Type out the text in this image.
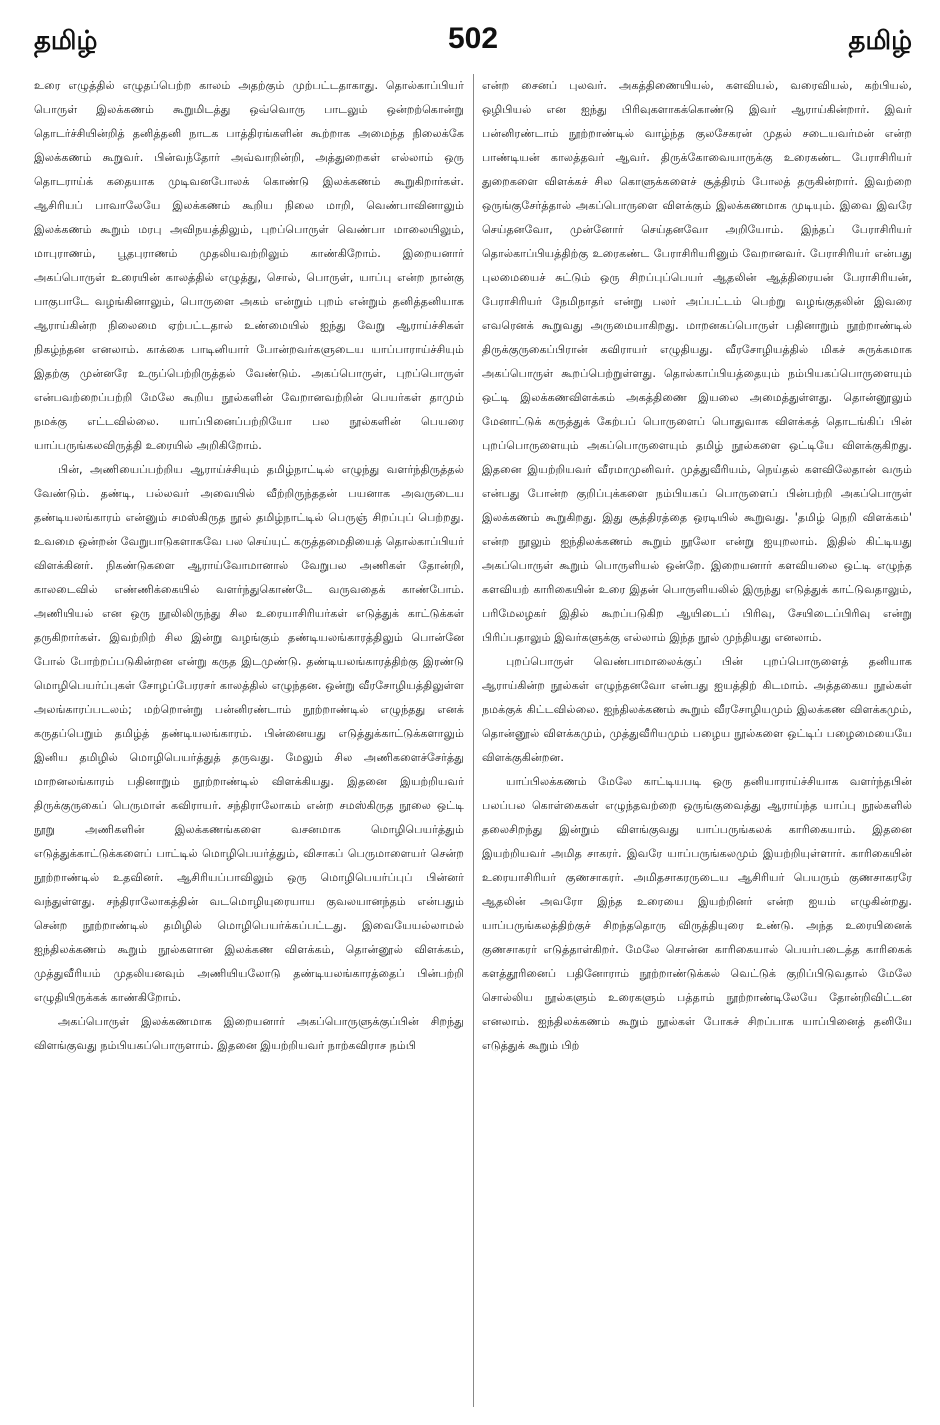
தமிழ்	502	தமிழ்

உரை எழுத்தில் எழுதப்பெற்ற காலம் அதற்கும் முற்பட்டதாகாது. தொல்காப்பியர் பொருள் இலக்கணம் கூறுமிடத்து ஒவ்வொரு பாடலும் ஒன்றற்கொன்று தொடர்ச்சியின்றித் தனித்தனி நாடக பாத்திரங்களின் கூற்றாக அமைந்த நிலைக்கே இலக்கணம் கூறுவர். பின்வந்தோர் அவ்வாறின்றி, அத்துறைகள் எல்லாம் ஒரு தொடராய்க் கதையாக முடிவனபோலக் கொண்டு இலக்கணம் கூறுகிறார்கள். ஆசிரியப் பாவாலேயே இலக்கணம் கூறிய நிலை மாறி, வெண்பாவினாலும் இலக்கணம் கூறும் மரபு அவிநயத்திலும், புறப்பொருள் வெண்பா மாலையிலும், மாபுராணம், பூதபுராணம் முதலியவற்றிலும் காண்கிறோம். இறையனார் அகப்பொருள் உரையின் காலத்தில் எழுத்து, சொல், பொருள், யாப்பு என்ற நான்கு பாகுபாடே வழங்கினாலும், பொருளை அகம் என்றும் புறம் என்றும் தனித்தனியாக ஆராய்கின்ற நிலைமை ஏற்பட்டதால் உண்மையில் ஐந்து வேறு ஆராய்ச்சிகள் நிகழ்ந்தன எனலாம். காக்கை பாடினியார் போன்றவர்களுடைய யாப்பாராய்ச்சியும் இதற்கு முன்னரே உருப்பெற்றிருத்தல் வேண்டும். அகப்பொருள், புறப்பொருள் என்பவற்றைப்பற்றி மேலே கூறிய நூல்களின் வேறானவற்றின் பெயர்கள் தாமும் நமக்கு எட்டவில்லை. யாப்பினைப்பற்றியோ பல நூல்களின் பெயரை யாப்பருங்கலவிருத்தி உரையில் அறிகிறோம்.

பின், அணியைப்பற்றிய ஆராய்ச்சியும் தமிழ்நாட்டில் எழுந்து வளர்ந்திருத்தல் வேண்டும். தண்டி, பல்லவர் அவையில் வீற்றிருந்ததன் பயனாக அவருடைய தண்டியலங்காரம் என்னும் சமஸ்கிருத நூல் தமிழ்நாட்டில் பெருஞ் சிறப்புப் பெற்றது. உவமை ஒன்றன் வேறுபாடுகளாகவே பல செய்யுட் கருத்தமைதியைத் தொல்காப்பியர் விளக்கினர். நிகண்டுகளை ஆராய்வோமானால் வேறுபல அணிகள் தோன்றி, காலடைவில் எண்ணிக்கையில் வளர்ந்துகொண்டே வருவதைக் காண்போம். அணியியல் என ஒரு நூலிலிருந்து சில உரையாசிரியர்கள் எடுத்துக் காட்டுக்கள் தருகிறார்கள். இவற்றிற் சில இன்று வழங்கும் தண்டியலங்காரத்திலும் பொன்னே போல் போற்றப்படுகின்றன என்று கருத இடமுண்டு. தண்டியலங்காரத்திற்கு இரண்டு மொழிபெயர்ப்புகள் சோழப்பேரரசர் காலத்தில் எழுந்தன. ஒன்று வீரசோழியத்திலுள்ள அலங்காரப்படலம்; மற்றொன்று பன்னிரண்டாம் நூற்றாண்டில் எழுந்தது எனக் கருதப்பெறும் தமிழ்த் தண்டியலங்காரம். பின்னையது எடுத்துக்காட்டுக்களாலும் இனிய தமிழில் மொழிபெயர்த்துத் தருவது. மேலும் சில அணிகளைச்சேர்த்து மாறனலங்காரம் பதினாறும் நூற்றாண்டில் விளக்கியது. இதனை இயற்றியவர் திருக்குருகைப் பெருமாள் கவிராயர். சந்திராலோகம் என்ற சமஸ்கிருத நூலை ஒட்டி நூறு அணிகளின் இலக்கணங்களை வசனமாக மொழிபெயர்த்தும் எடுத்துக்காட்டுக்களைப் பாட்டில் மொழிபெயர்த்தும், விசாகப் பெருமாளையர் சென்ற நூற்றாண்டில் உதவினர். ஆசிரியப்பாவிலும் ஒரு மொழிபெயர்ப்புப் பின்னர் வந்துள்ளது. சந்திராலோகத்தின் வடமொழியுரையாய குவலயானந்தம் என்பதும் சென்ற நூற்றாண்டில் தமிழில் மொழிபெயர்க்கப்பட்டது. இவையேயல்லாமல் ஐந்திலக்கணம் கூறும் நூல்களான இலக்கண விளக்கம், தொன்னூல் விளக்கம், முத்துவீரியம் முதலியனவும் அணியியலோடு தண்டியலங்காரத்தைப் பின்பற்றி எழுதியிருக்கக் காண்கிறோம்.

அகப்பொருள் இலக்கணமாக இறையனார் அகப்பொருளுக்குப்பின் சிறந்து விளங்குவது நம்பியகப்பொருளாம். இதனை இயற்றியவர் நாற்கவிராச நம்பி

என்ற சைனப் புலவர். அகத்திணையியல், களவியல், வரைவியல், கற்பியல், ஒழிபியல் என ஐந்து பிரிவுகளாகக்கொண்டு இவர் ஆராய்கின்றார். இவர் பன்னிரண்டாம் நூற்றாண்டில் வாழ்ந்த குலசேகரன் முதல் சடையவர்மன் என்ற பாண்டியன் காலத்தவர் ஆவர். திருக்கோவையாருக்கு உரைகண்ட பேராசிரியர் துறைகளை விளக்கச் சில கொளுக்களைச் சூத்திரம் போலத் தருகின்றார். இவற்றை ஒருங்குசேர்த்தால் அகப்பொருளை விளக்கும் இலக்கணமாக முடியும். இவை இவரே செய்தனவோ, முன்னோர் செய்தனவோ அறியோம். இந்தப் பேராசிரியர் தொல்காப்பியத்திற்கு உரைகண்ட பேராசிரியரினும் வேறானவர். பேராசிரியர் என்பது புலமையைச் சுட்டும் ஒரு சிறப்புப்பெயர் ஆதலின் ஆத்திரையன் பேராசிரியன், பேராசிரியர் நேமிநாதர் என்று பலர் அப்பட்டம் பெற்று வழங்குதலின் இவரை எவரெனக் கூறுவது அருமையாகிறது. மாறனகப்பொருள் பதினாறும் நூற்றாண்டில் திருக்குருகைப்பிரான் கவிராயர் எழுதியது. வீரசோழியத்தில் மிகச் சுருக்கமாக அகப்பொருள் கூறப்பெற்றுள்ளது. தொல்காப்பியத்தையும் நம்பியகப்பொருளையும் ஒட்டி இலக்கணவிளக்கம் அகத்திணை இயலை அமைத்துள்ளது. தொன்னூலும் மேனாட்டுக் கருத்துக் கேற்பப் பொருளைப் பொதுவாக விளக்கத் தொடங்கிப் பின் புறப்பொருளையும் அகப்பொருளையும் தமிழ் நூல்களை ஒட்டியே விளக்குகிறது. இதனை இயற்றியவர் வீரமாமுனிவர். முத்துவீரியம், நெய்தல் களவிலேதான் வரும் என்பது போன்ற குறிப்புக்களை நம்பியகப் பொருளைப் பின்பற்றி அகப்பொருள் இலக்கணம் கூறுகிறது. இது சூத்திரத்தை ஒரடியில் கூறுவது. 'தமிழ் நெறி விளக்கம்' என்ற நூலும் ஐந்திலக்கணம் கூறும் நூலோ என்று ஐயுறலாம். இதில் கிட்டியது அகப்பொருள் கூறும் பொருளியல் ஒன்றே. இறையனார் களவியலை ஒட்டி எழுந்த களவியற் காரிகையின் உரை இதன் பொருளியலில் இருந்து எடுத்துக் காட்டுவதாலும், பரிமேலழகர் இதில் கூறப்படுகிற ஆயிடைப் பிரிவு, சேயிடைப்பிரிவு என்று பிரிப்பதாலும் இவர்களுக்கு எல்லாம் இந்த நூல் முந்தியது எனலாம்.

புறப்பொருள் வெண்பாமாலைக்குப் பின் புறப்பொருளைத் தனியாக ஆராய்கின்ற நூல்கள் எழுந்தனவோ என்பது ஐயத்திற் கிடமாம். அத்தகைய நூல்கள் நமக்குக் கிட்டவில்லை. ஐந்திலக்கணம் கூறும் வீரசோழியமும் இலக்கண விளக்கமும், தொன்னூல் விளக்கமும், முத்துவீரியமும் பழைய நூல்களை ஒட்டிப் பழைமையையே விளக்குகின்றன.

யாப்பிலக்கணம் மேலே காட்டியபடி ஒரு தனியாராய்ச்சியாக வளர்ந்தபின் பலப்பல கொள்கைகள் எழுந்தவற்றை ஒருங்குவைத்து ஆராய்ந்த யாப்பு நூல்களில் தலைசிறந்து இன்றும் விளங்குவது யாப்பருங்கலக் காரிகையாம். இதனை இயற்றியவர் அமித சாகரர். இவரே யாப்பருங்கலமும் இயற்றியுள்ளார். காரிகையின் உரையாசிரியர் குணசாகரர். அமிதசாகரருடைய ஆசிரியர் பெயரும் குணசாகரரே ஆதலின் அவரோ இந்த உரையை இயற்றினர் என்ற ஐயம் எழுகின்றது. யாப்பருங்கலத்திற்குச் சிறந்ததொரு விருத்தியுரை உண்டு. அந்த உரையினைக் குணசாகரர் எடுத்தாள்கிறர். மேலே சொன்ன காரிகையால் பெயர்படைத்த காரிகைக் களத்தூரினைப் பதினோராம் நூற்றாண்டுக்கல் வெட்டுக் குறிப்பிடுவதால் மேலே சொல்லிய நூல்களும் உரைகளும் பத்தாம் நூற்றாண்டிலேயே தோன்றிவிட்டன எனலாம். ஐந்திலக்கணம் கூறும் நூல்கள் போகச் சிறப்பாக யாப்பினைத் தனியே எடுத்துக் கூறும் பிற்
